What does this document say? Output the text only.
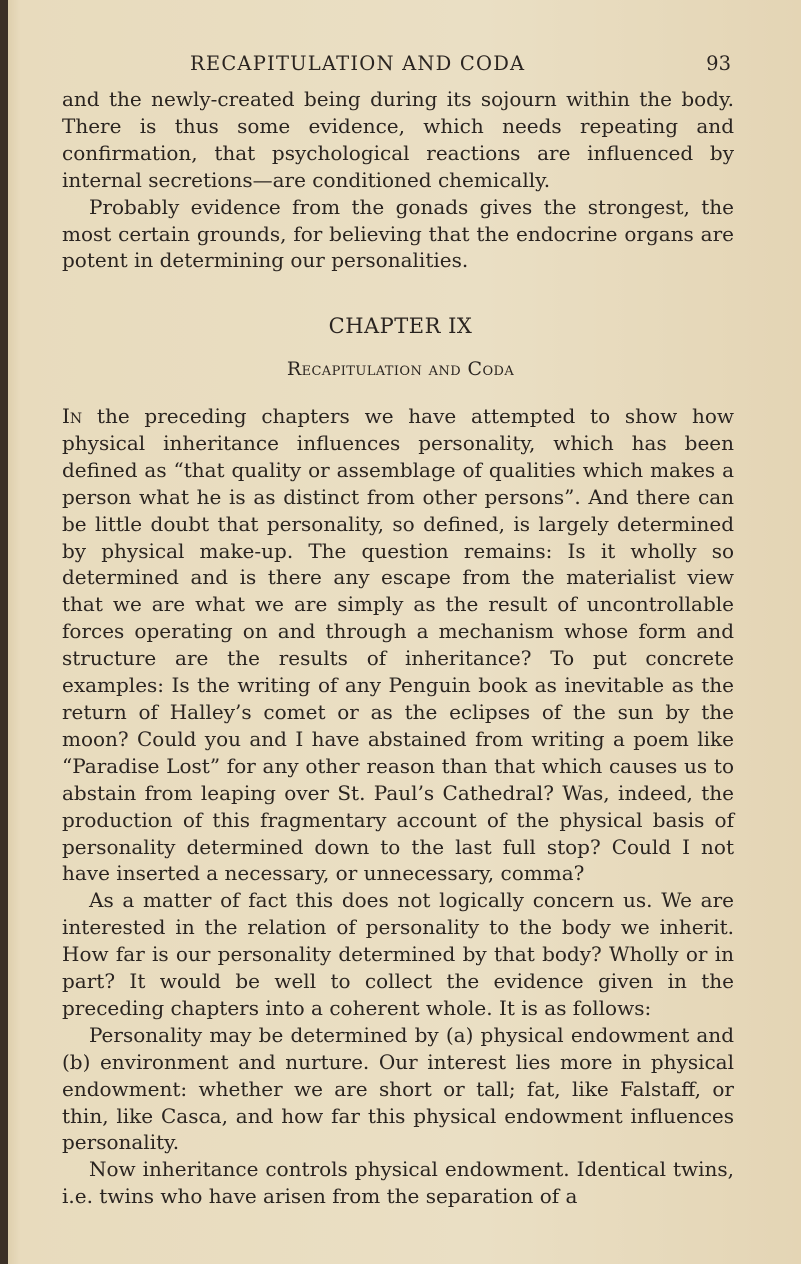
RECAPITULATION AND CODA	93

and the newly-created being during its sojourn within the body. There is thus some evidence, which needs repeating and confirmation, that psychological reactions are influenced by internal secretions—are conditioned chemically.

Probably evidence from the gonads gives the strongest, the most certain grounds, for believing that the endocrine organs are potent in determining our personalities.

CHAPTER IX
Recapitulation and Coda

In the preceding chapters we have attempted to show how physical inheritance influences personality, which has been defined as “that quality or assemblage of qualities which makes a person what he is as distinct from other persons”. And there can be little doubt that personality, so defined, is largely determined by physical make-up. The question remains: Is it wholly so determined and is there any escape from the materialist view that we are what we are simply as the result of uncontrollable forces operating on and through a mechanism whose form and structure are the results of inheritance? To put concrete examples: Is the writing of any Penguin book as inevitable as the return of Halley’s comet or as the eclipses of the sun by the moon? Could you and I have abstained from writing a poem like “Paradise Lost” for any other reason than that which causes us to abstain from leaping over St. Paul’s Cathedral? Was, indeed, the production of this fragmentary account of the physical basis of personality determined down to the last full stop? Could I not have inserted a necessary, or unnecessary, comma?

As a matter of fact this does not logically concern us. We are interested in the relation of personality to the body we inherit. How far is our personality determined by that body? Wholly or in part? It would be well to collect the evidence given in the preceding chapters into a coherent whole. It is as follows:

Personality may be determined by (a) physical endowment and (b) environment and nurture. Our interest lies more in physical endowment: whether we are short or tall; fat, like Falstaff, or thin, like Casca, and how far this physical endowment influences personality.

Now inheritance controls physical endowment. Identical twins, i.e. twins who have arisen from the separation of a
